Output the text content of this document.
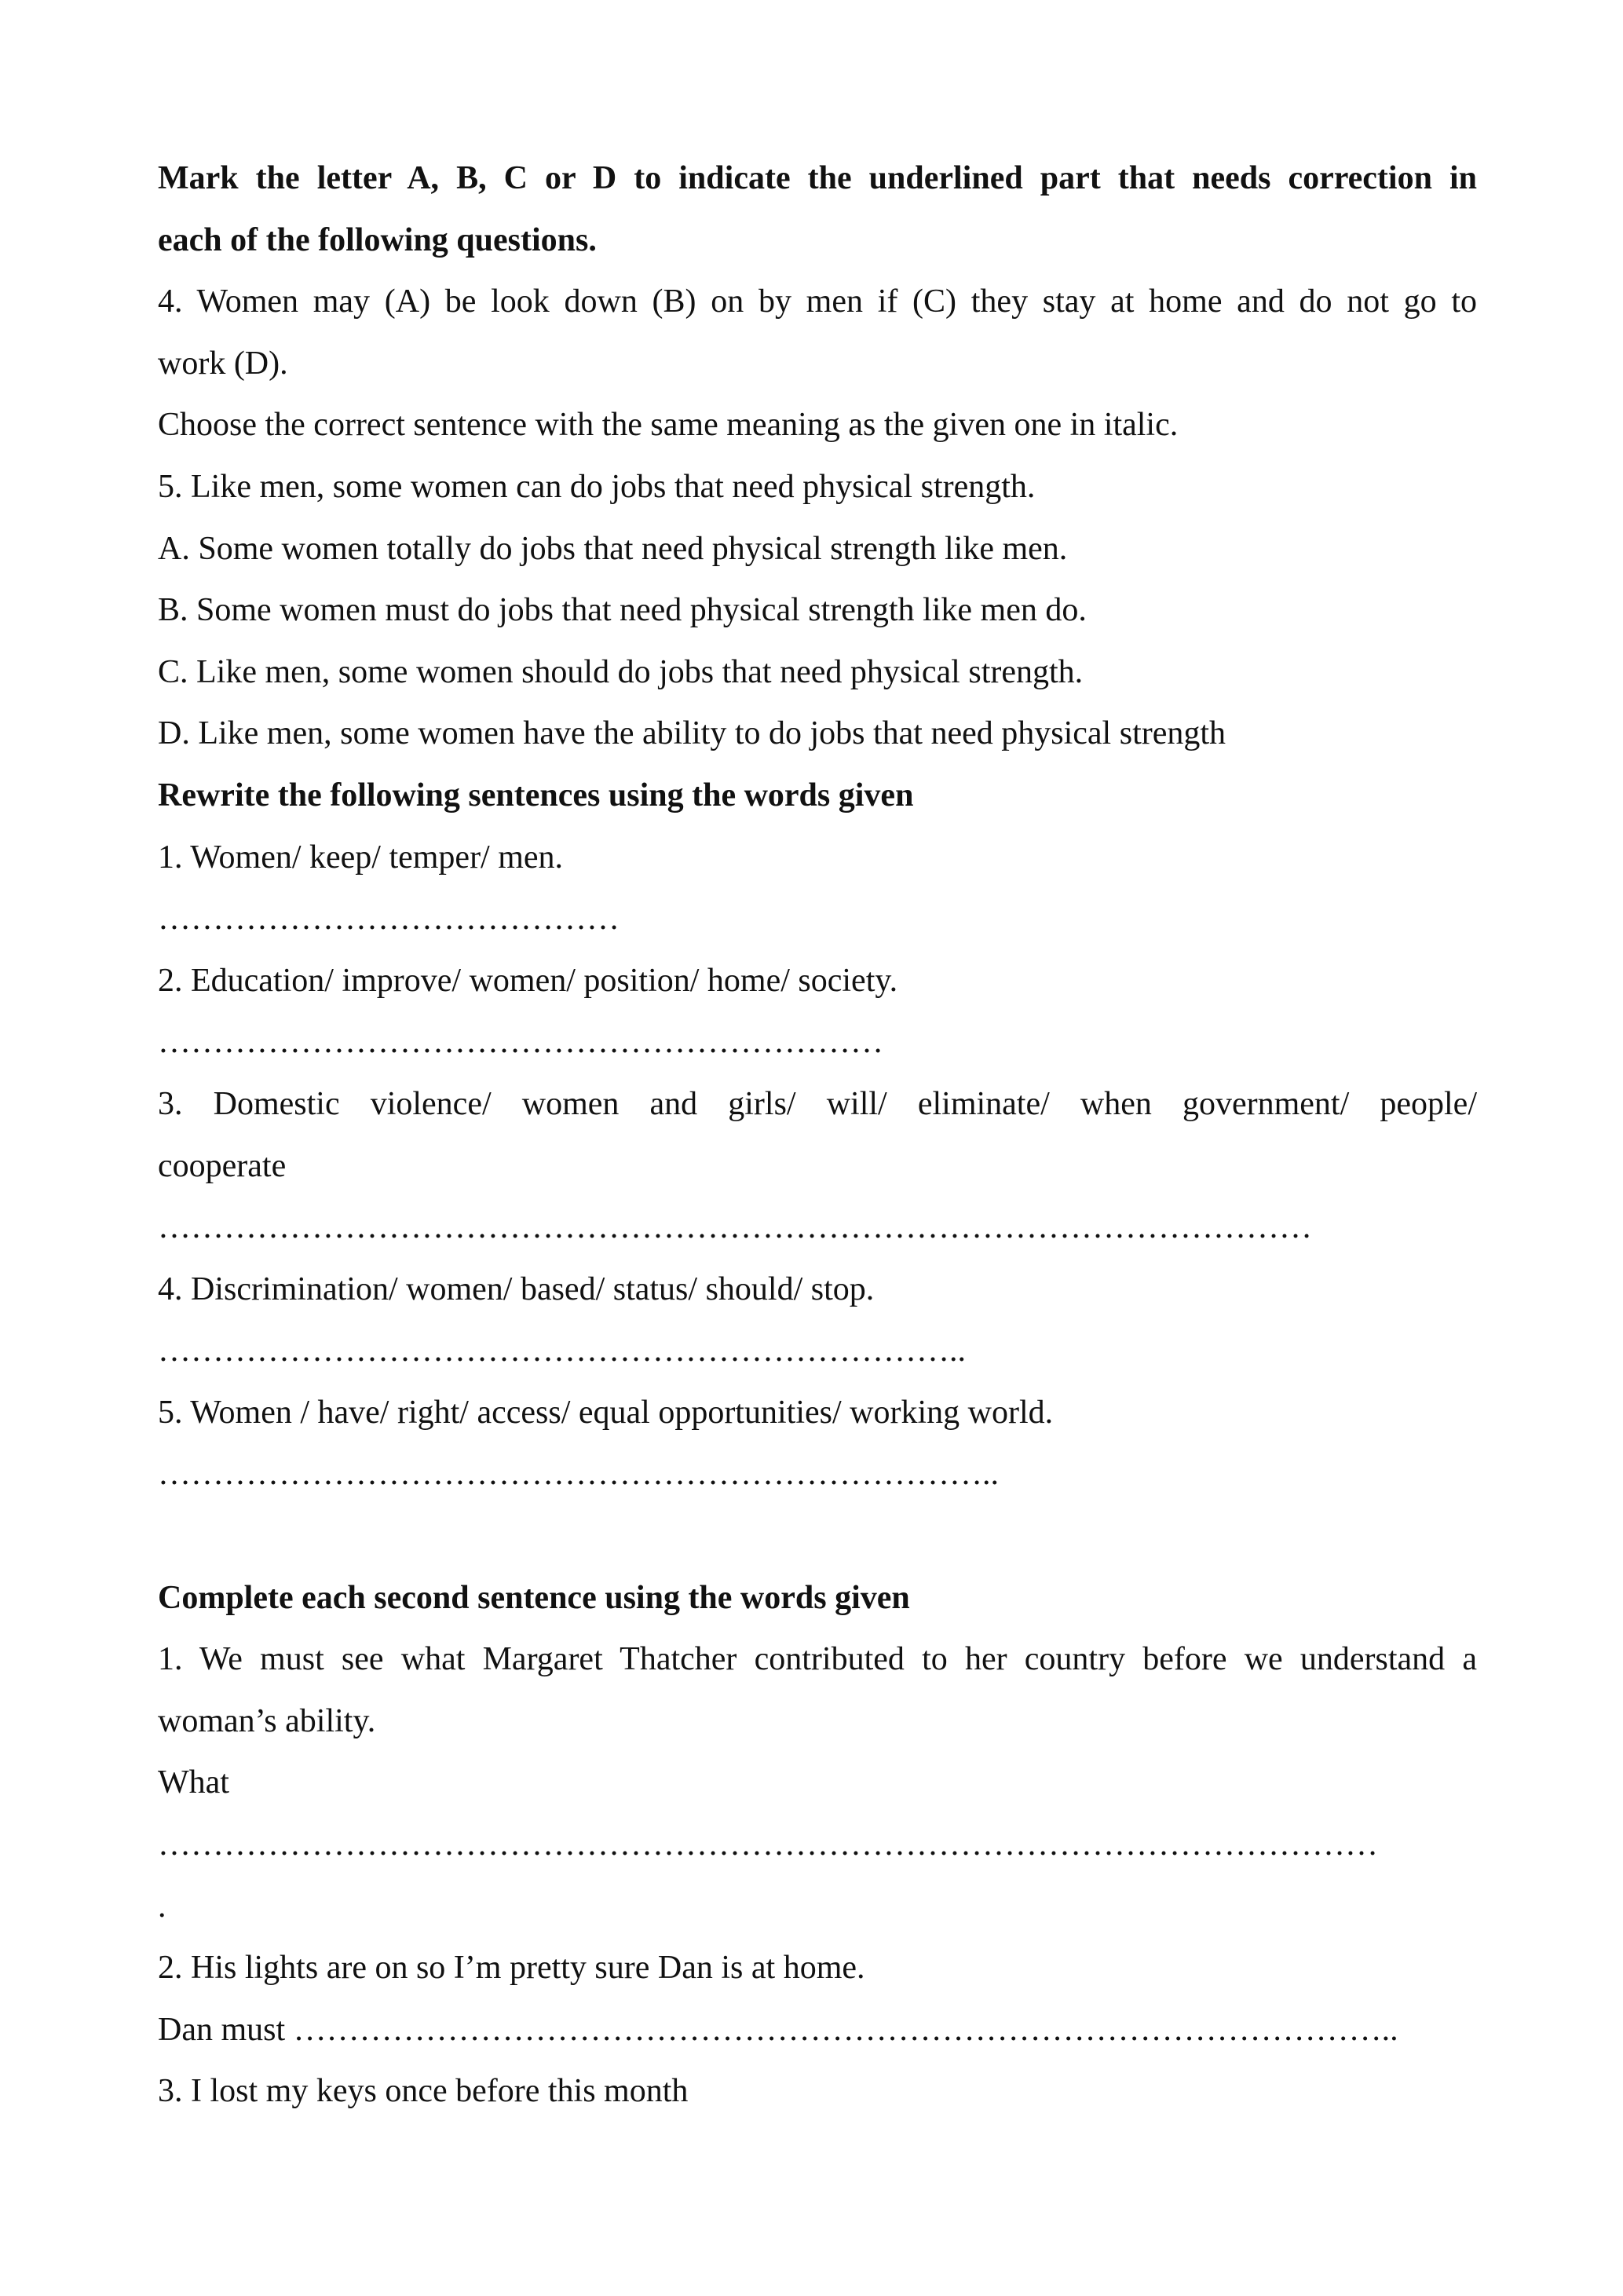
Mark the letter A, B, C or D to indicate the underlined part that needs correction in
each of the following questions.
4. Women may (A) be look down (B) on by men if (C) they stay at home and do not go to
work (D).
Choose the correct sentence with the same meaning as the given one in italic.
5. Like men, some women can do jobs that need physical strength.
A. Some women totally do jobs that need physical strength like men.
B. Some women must do jobs that need physical strength like men do.
C. Like men, some women should do jobs that need physical strength.
D. Like men, some women have the ability to do jobs that need physical strength
Rewrite the following sentences using the words given
1. Women/ keep/ temper/ men.
……………………………………
2. Education/ improve/ women/ position/ home/ society.
…………………………………………………………
3. Domestic violence/ women and girls/ will/ eliminate/ when government/ people/
cooperate
……………………………………………………………………………………………
4. Discrimination/ women/ based/ status/ should/ stop.
………………………………………………………………..
5. Women / have/ right/ access/ equal opportunities/ working world.
…………………………………………………………………..
Complete each second sentence using the words given
1. We must see what Margaret Thatcher contributed to her country before we understand a
woman’s ability.
What
…………………………………………………………………………………………………
.
2. His lights are on so I’m pretty sure Dan is at home.
Dan must ………………………………………………………………………………………..
3. I lost my keys once before this month
